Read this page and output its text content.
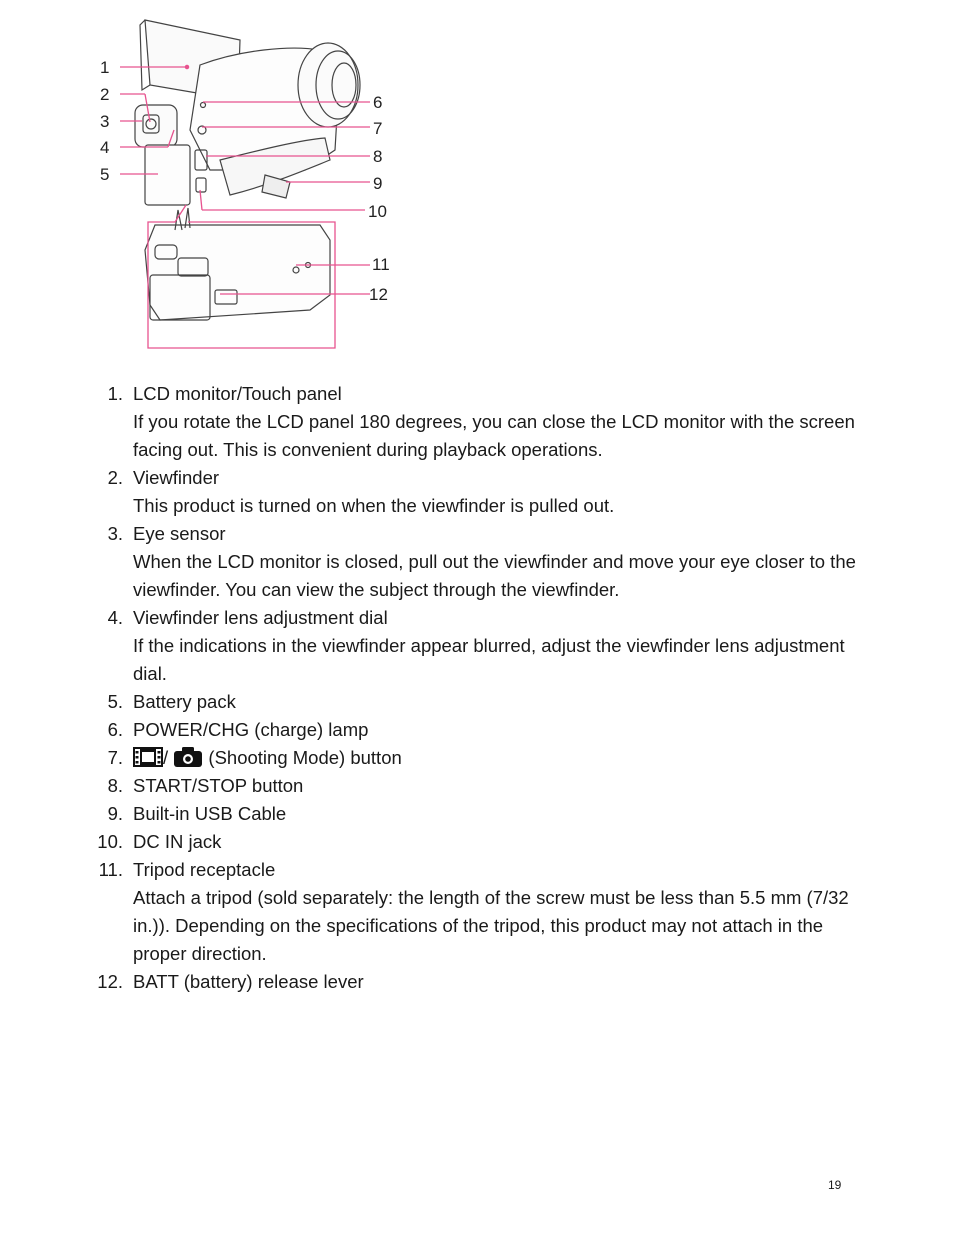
1
2
3
4
5
6
7
8
9
10
11
12
1. LCD monitor/Touch panel
If you rotate the LCD panel 180 degrees, you can close the LCD monitor with the screen facing out. This is convenient during playback operations.
2. Viewfinder
This product is turned on when the viewfinder is pulled out.
3. Eye sensor
When the LCD monitor is closed, pull out the viewfinder and move your eye closer to the viewfinder. You can view the subject through the viewfinder.
4. Viewfinder lens adjustment dial
If the indications in the viewfinder appear blurred, adjust the viewfinder lens adjustment dial.
5. Battery pack
6. POWER/CHG (charge) lamp
7.	/ (Shooting Mode) button
8. START/STOP button
9. Built-in USB Cable
10. DC IN jack
11. Tripod receptacle
Attach a tripod (sold separately: the length of the screw must be less than 5.5 mm (7/32 in.)). Depending on the specifications of the tripod, this product may not attach in the proper direction.
12. BATT (battery) release lever
19
